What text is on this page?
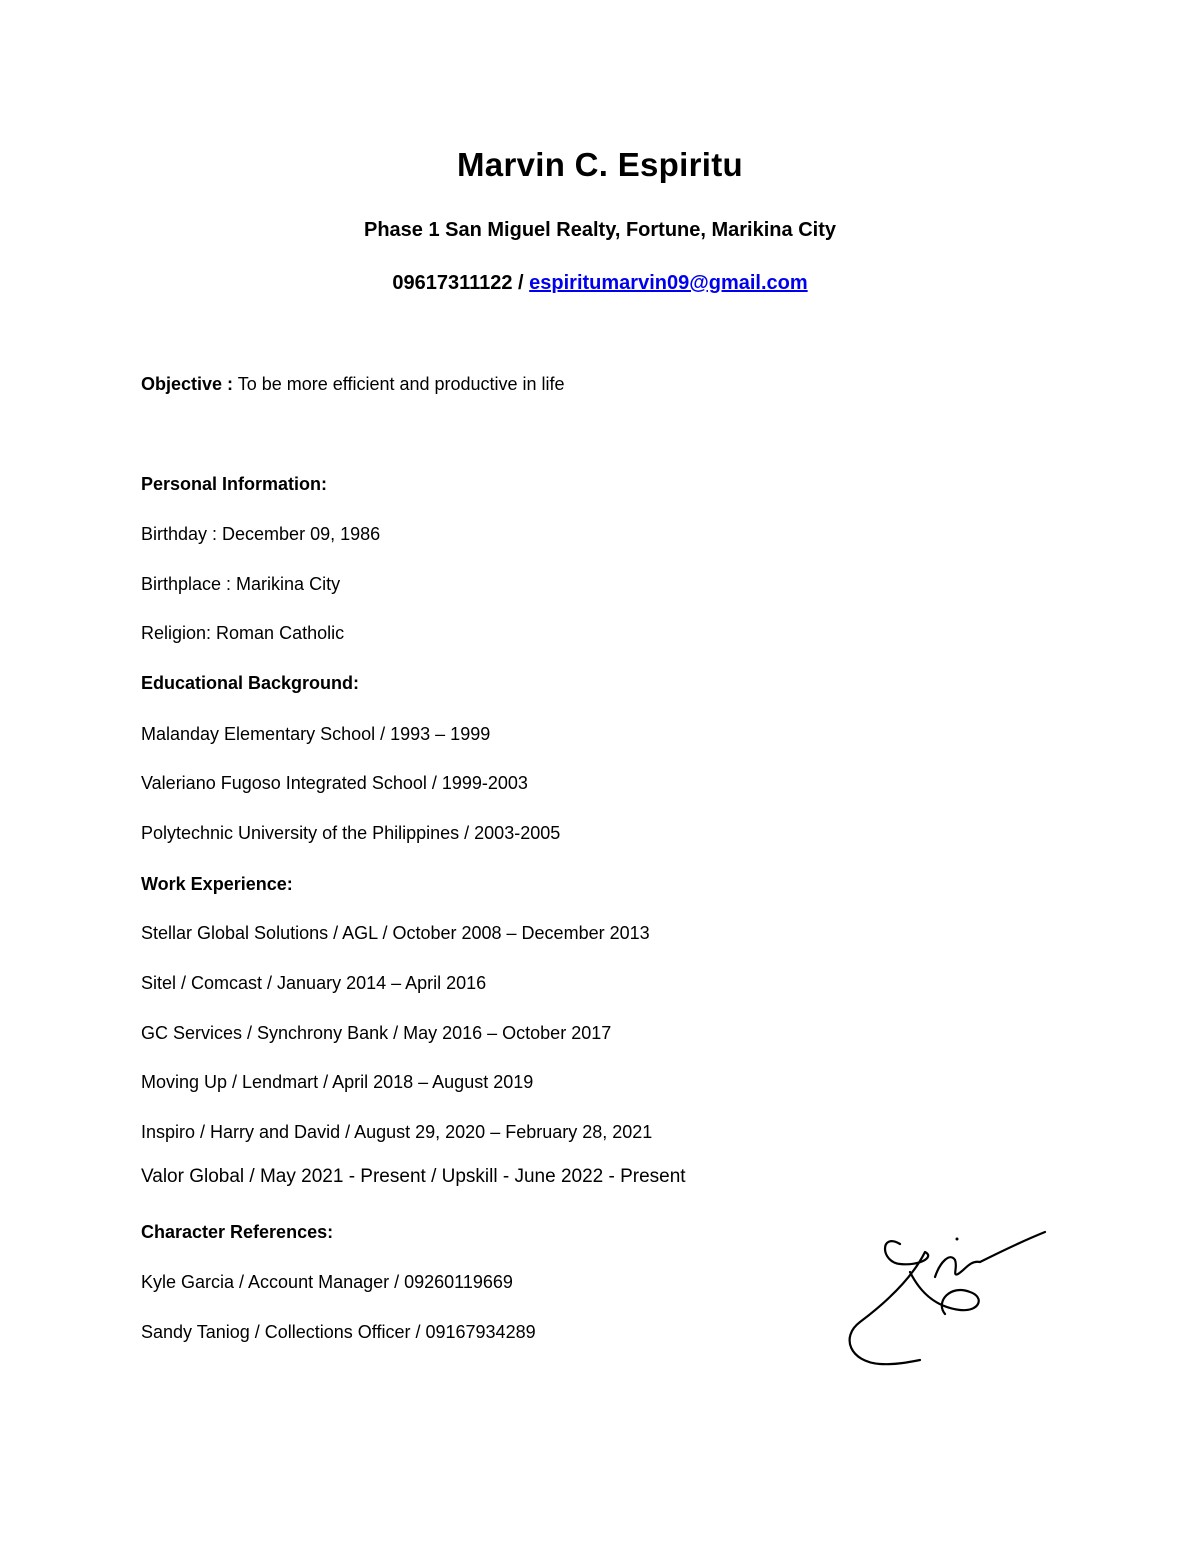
Marvin C. Espiritu
Phase 1 San Miguel Realty, Fortune, Marikina City
09617311122 / espiritumarvin09@gmail.com
Objective : To be more efficient and productive in life
Personal Information:
Birthday : December 09, 1986
Birthplace : Marikina City
Religion: Roman Catholic
Educational Background:
Malanday Elementary School / 1993 – 1999
Valeriano Fugoso Integrated School / 1999-2003
Polytechnic University of the Philippines / 2003-2005
Work Experience:
Stellar Global Solutions / AGL / October 2008 – December 2013
Sitel / Comcast / January 2014 – April 2016
GC Services / Synchrony Bank / May 2016 – October 2017
Moving Up / Lendmart / April 2018 – August 2019
Inspiro / Harry and David / August 29, 2020 – February 28, 2021
Valor Global / May 2021 - Present / Upskill - June 2022 - Present
Character References:
Kyle Garcia / Account Manager / 09260119669
Sandy Taniog / Collections Officer / 09167934289
